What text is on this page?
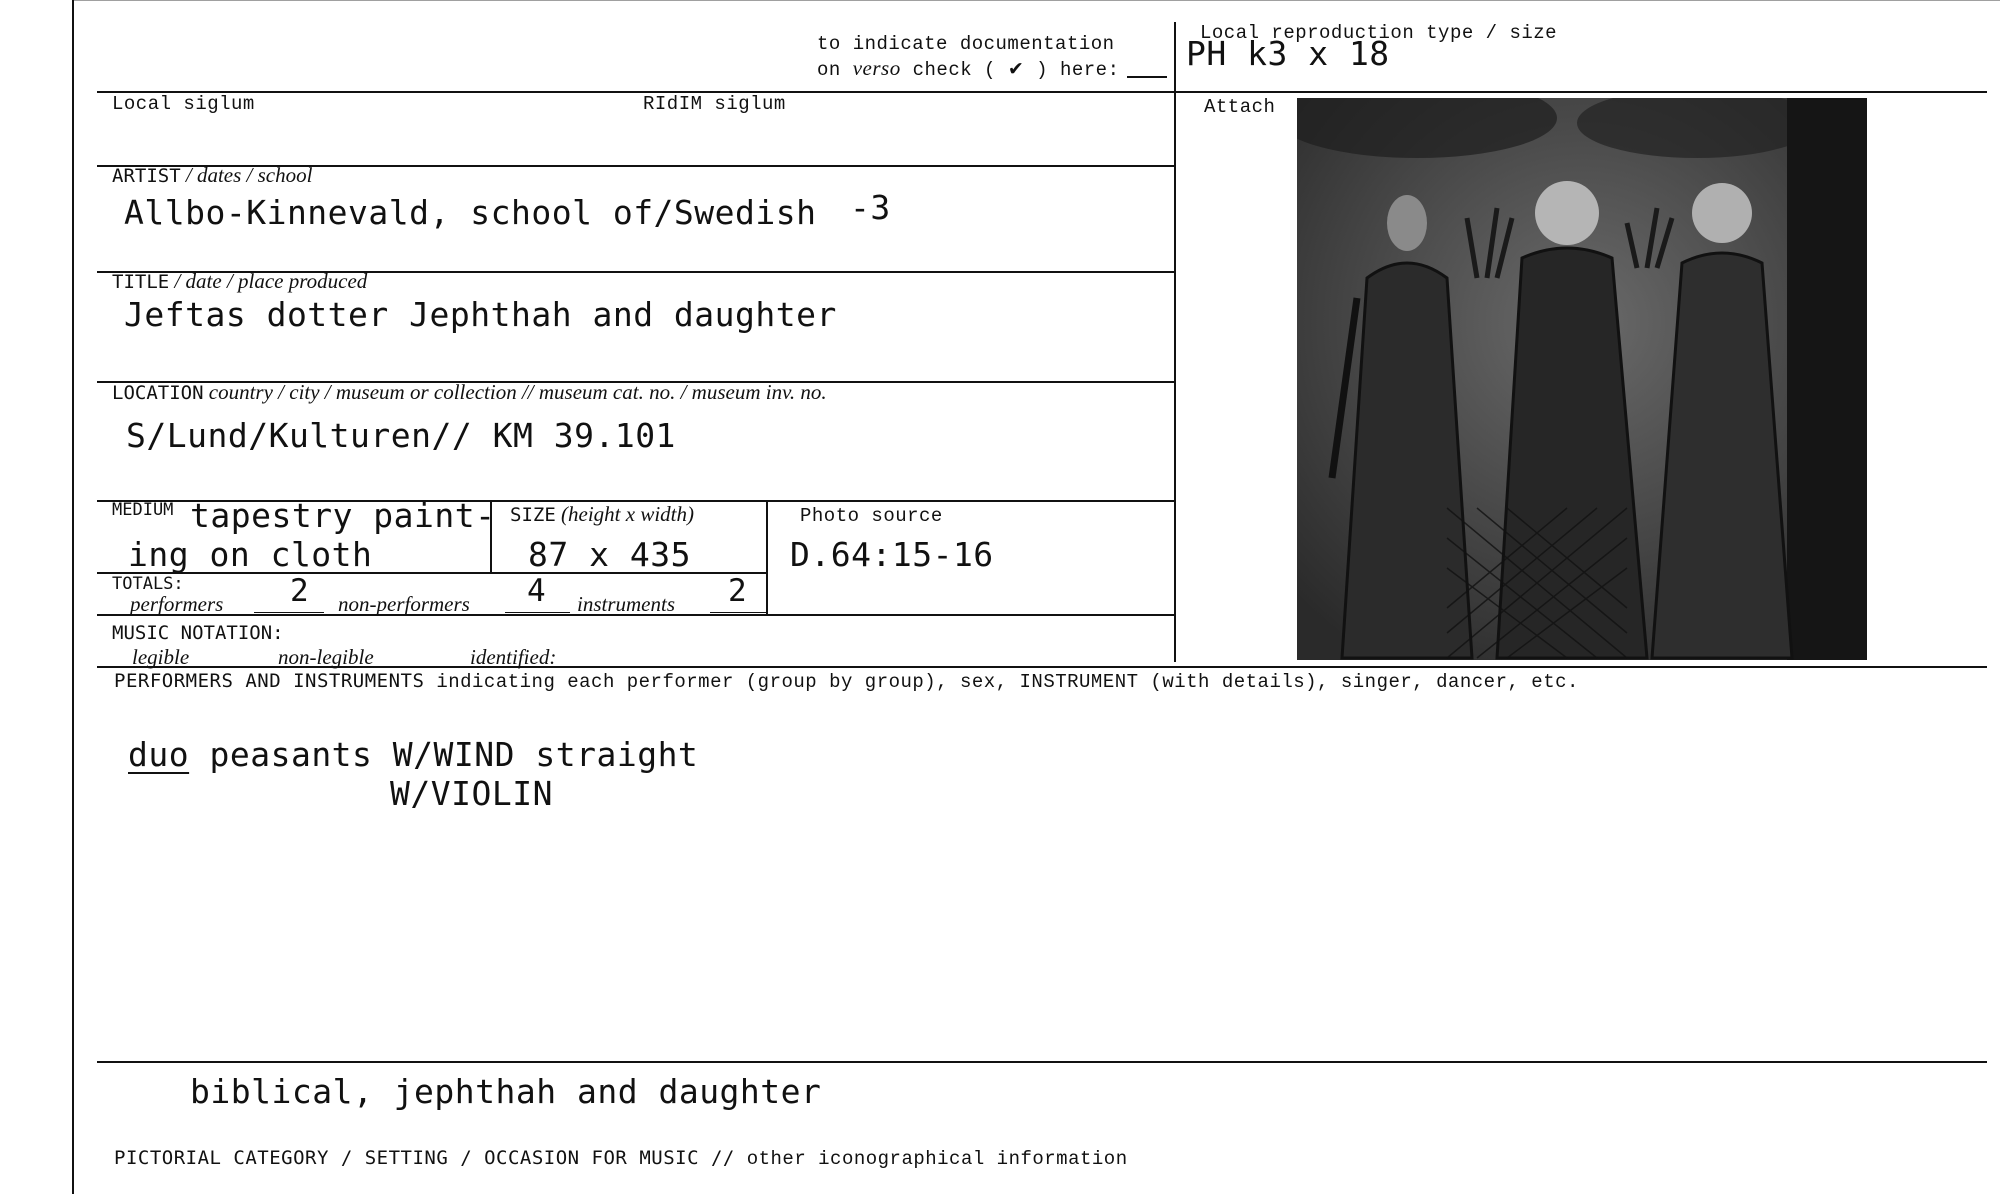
to indicate documentation
on verso check ( ✔ ) here:
Local reproduction type / size
PH k3 x 18
Local siglum	RIdIM siglum	Attach
ARTIST / dates / school
Allbo-Kinnevald, school of/Swedish -3
TITLE / date / place produced
Jeftas dotter Jephthah and daughter
LOCATION country / city / museum or collection // museum cat. no. / museum inv. no.
S/Lund/Kulturen// KM 39.101
MEDIUM tapestry paint-
ing on cloth
SIZE (height x width)
87 x 435
Photo source
D.64:15-16
TOTALS:
performers 2 non-performers 4 instruments 2
MUSIC NOTATION:
legible	non-legible	identified:
PERFORMERS AND INSTRUMENTS indicating each performer (group by group), sex, INSTRUMENT (with details), singer, dancer, etc.
duo peasants W/WIND straight
W/VIOLIN
biblical, jephthah and daughter
PICTORIAL CATEGORY / SETTING / OCCASION FOR MUSIC // other iconographical information
